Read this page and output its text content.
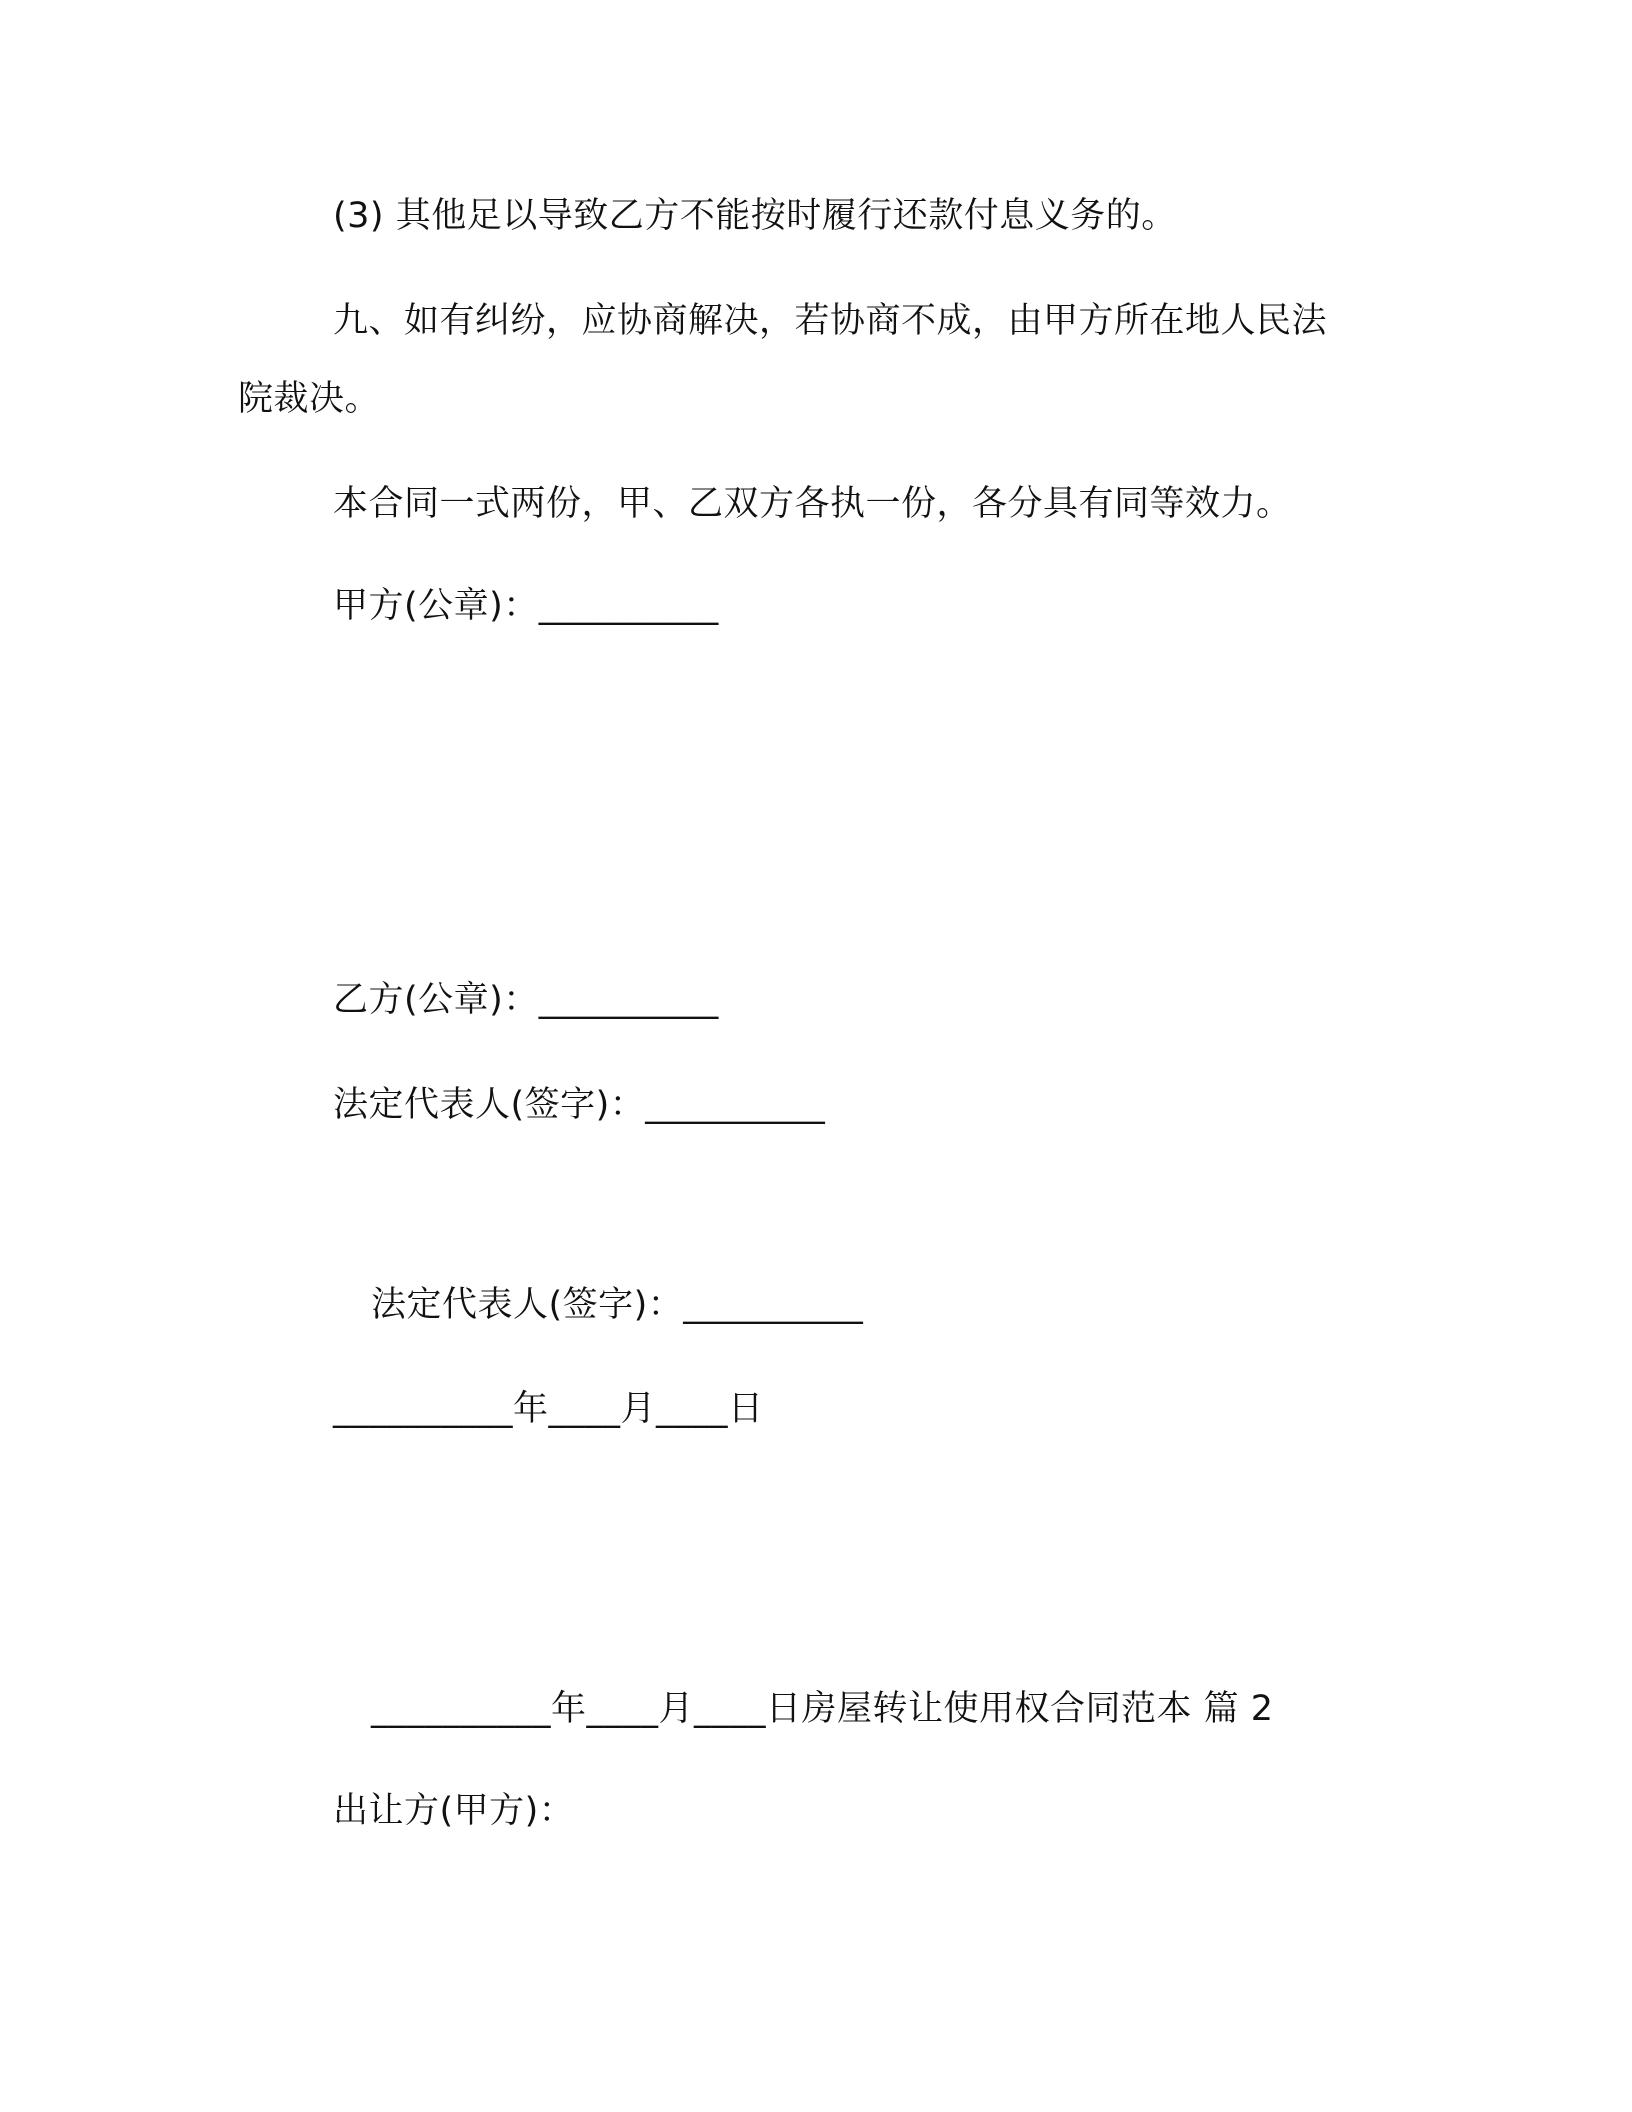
(3) 其他足以导致乙方不能按时履行还款付息义务的。
九、如有纠纷，应协商解决，若协商不成，由甲方所在地人民法
院裁决。
本合同一式两份，甲、乙双方各执一份，各分具有同等效力。
甲方(公章)：__________
乙方(公章)：__________
法定代表人(签字)：__________
法定代表人(签字)：__________
__________年____月____日
__________年____月____日房屋转让使用权合同范本 篇 2
出让方(甲方)：
